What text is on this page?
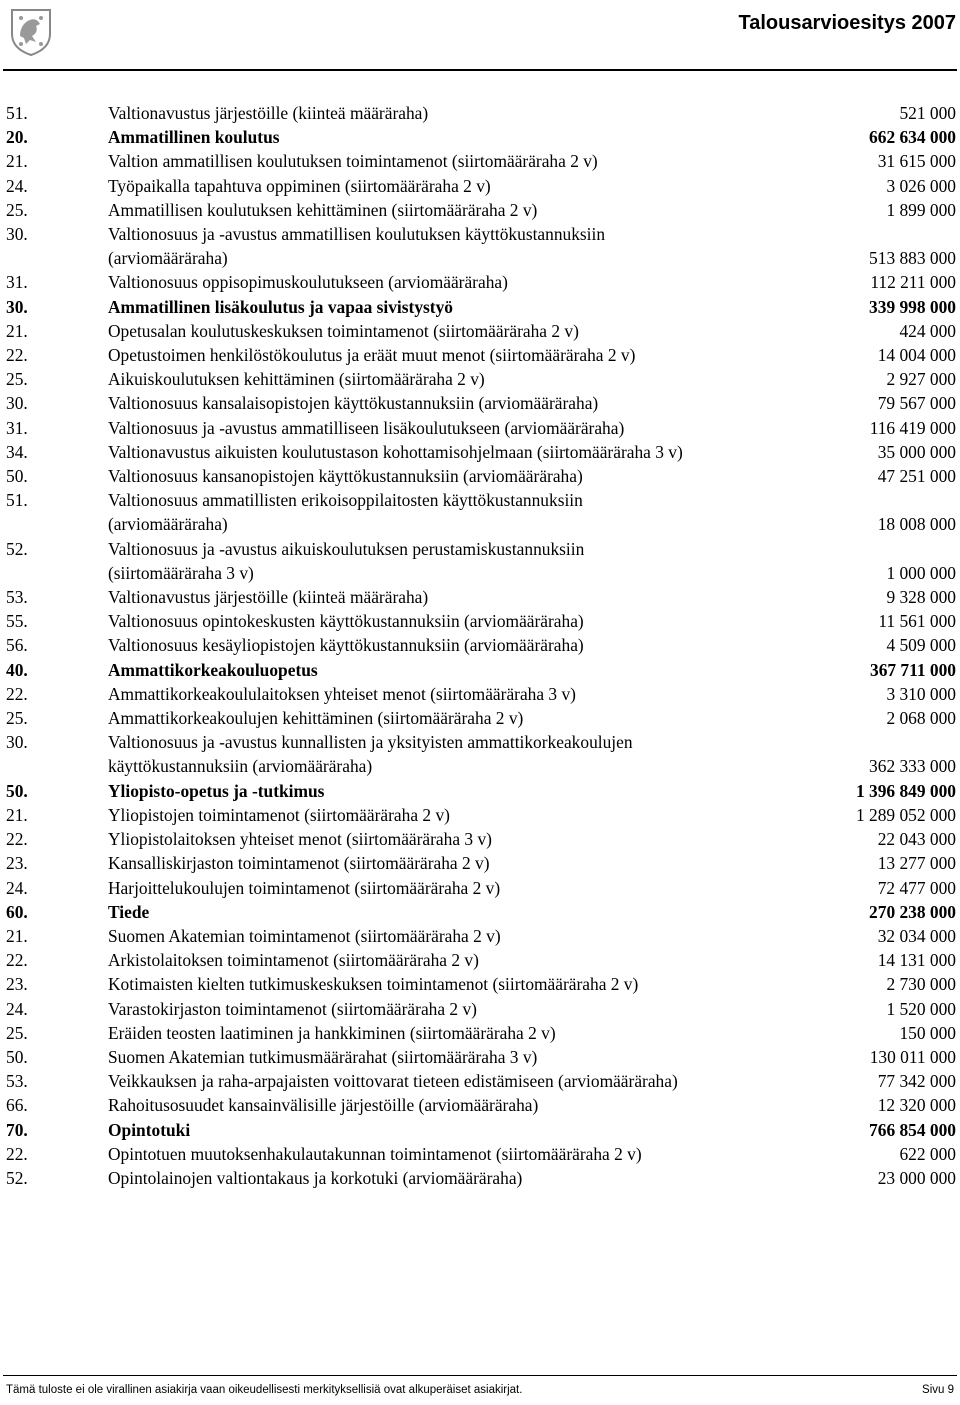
Talousarvioesitys 2007
51.	Valtionavustus järjestöille (kiinteä määräraha)	521 000
20.	Ammatillinen koulutus	662 634 000
21.	Valtion ammatillisen koulutuksen toimintamenot (siirtomääräraha 2 v)	31 615 000
24.	Työpaikalla tapahtuva oppiminen (siirtomääräraha 2 v)	3 026 000
25.	Ammatillisen koulutuksen kehittäminen (siirtomääräraha 2 v)	1 899 000
30.	Valtionosuus ja -avustus ammatillisen koulutuksen käyttökustannuksiin (arviomääräraha)	513 883 000
31.	Valtionosuus oppisopimuskoulutukseen (arviomääräraha)	112 211 000
30.	Ammatillinen lisäkoulutus ja vapaa sivistystyö	339 998 000
21.	Opetusalan koulutuskeskuksen toimintamenot (siirtomääräraha 2 v)	424 000
22.	Opetustoimen henkilöstökoulutus ja eräät muut menot (siirtomääräraha 2 v)	14 004 000
25.	Aikuiskoulutuksen kehittäminen (siirtomääräraha 2 v)	2 927 000
30.	Valtionosuus kansalaisopistojen käyttökustannuksiin (arviomääräraha)	79 567 000
31.	Valtionosuus ja -avustus ammatilliseen lisäkoulutukseen (arviomääräraha)	116 419 000
34.	Valtionavustus aikuisten koulutustason kohottamisohjelmaan (siirtomääräraha 3 v)	35 000 000
50.	Valtionosuus kansanopistojen käyttökustannuksiin (arviomääräraha)	47 251 000
51.	Valtionosuus ammatillisten erikoisoppilaitosten käyttökustannuksiin (arviomääräraha)	18 008 000
52.	Valtionosuus ja -avustus aikuiskoulutuksen perustamiskustannuksiin (siirtomääräraha 3 v)	1 000 000
53.	Valtionavustus järjestöille (kiinteä määräraha)	9 328 000
55.	Valtionosuus opintokeskusten käyttökustannuksiin (arviomääräraha)	11 561 000
56.	Valtionosuus kesäyliopistojen käyttökustannuksiin (arviomääräraha)	4 509 000
40.	Ammattikorkeakouluopetus	367 711 000
22.	Ammattikorkeakoululaitoksen yhteiset menot (siirtomääräraha 3 v)	3 310 000
25.	Ammattikorkeakoulujen kehittäminen (siirtomääräraha 2 v)	2 068 000
30.	Valtionosuus ja -avustus kunnallisten ja yksityisten ammattikorkeakoulujen käyttökustannuksiin (arviomääräraha)	362 333 000
50.	Yliopisto-opetus ja -tutkimus	1 396 849 000
21.	Yliopistojen toimintamenot (siirtomääräraha 2 v)	1 289 052 000
22.	Yliopistolaitoksen yhteiset menot (siirtomääräraha 3 v)	22 043 000
23.	Kansalliskirjaston toimintamenot (siirtomääräraha 2 v)	13 277 000
24.	Harjoittelukoulujen toimintamenot (siirtomääräraha 2 v)	72 477 000
60.	Tiede	270 238 000
21.	Suomen Akatemian toimintamenot (siirtomääräraha 2 v)	32 034 000
22.	Arkistolaitoksen toimintamenot (siirtomääräraha 2 v)	14 131 000
23.	Kotimaisten kielten tutkimuskeskuksen toimintamenot (siirtomääräraha 2 v)	2 730 000
24.	Varastokirjaston toimintamenot (siirtomääräraha 2 v)	1 520 000
25.	Eräiden teosten laatiminen ja hankkiminen (siirtomääräraha 2 v)	150 000
50.	Suomen Akatemian tutkimusmäärärahat (siirtomääräraha 3 v)	130 011 000
53.	Veikkauksen ja raha-arpajaisten voittovarat tieteen edistämiseen (arviomääräraha)	77 342 000
66.	Rahoitusosuudet kansainvälisille järjestöille (arviomääräraha)	12 320 000
70.	Opintotuki	766 854 000
22.	Opintotuen muutoksenhakulautakunnan toimintamenot (siirtomääräraha 2 v)	622 000
52.	Opintolainojen valtiontakaus ja korkotuki (arviomääräraha)	23 000 000
Tämä tuloste ei ole virallinen asiakirja vaan oikeudellisesti merkityksellisiä ovat alkuperäiset asiakirjat.	Sivu 9
